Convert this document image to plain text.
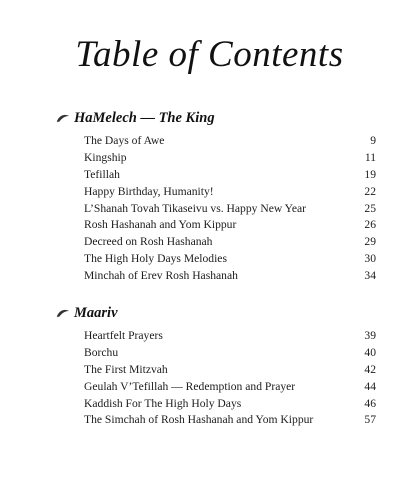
Table of Contents
HaMelech — The King
The Days of Awe	9
Kingship	11
Tefillah	19
Happy Birthday, Humanity!	22
L’Shanah Tovah Tikaseivu vs. Happy New Year	25
Rosh Hashanah and Yom Kippur	26
Decreed on Rosh Hashanah	29
The High Holy Days Melodies	30
Minchah of Erev Rosh Hashanah	34
Maariv
Heartfelt Prayers	39
Borchu	40
The First Mitzvah	42
Geulah V’Tefillah — Redemption and Prayer	44
Kaddish For The High Holy Days	46
The Simchah of Rosh Hashanah and Yom Kippur	57
